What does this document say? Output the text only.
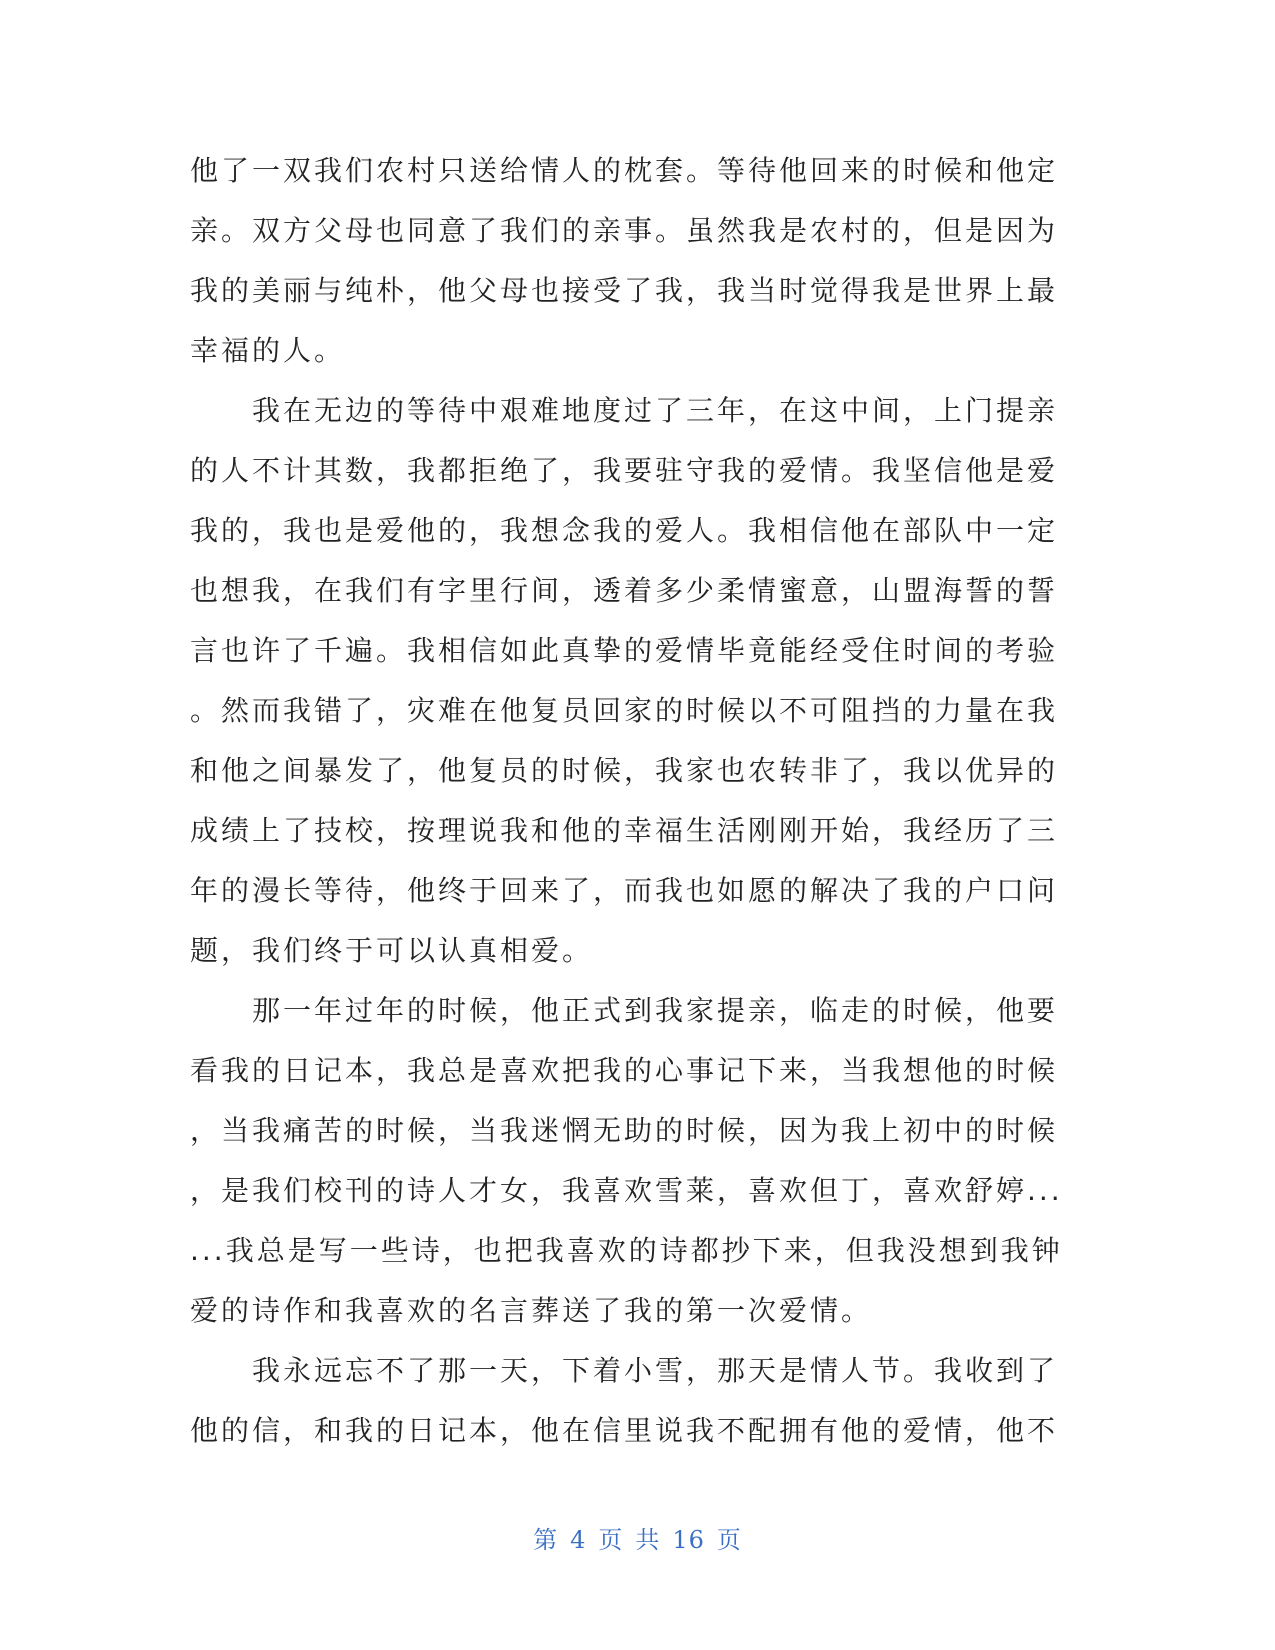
他了一双我们农村只送给情人的枕套。等待他回来的时候和他定
亲。双方父母也同意了我们的亲事。虽然我是农村的，但是因为
我的美丽与纯朴，他父母也接受了我，我当时觉得我是世界上最
幸福的人。
　　我在无边的等待中艰难地度过了三年，在这中间，上门提亲
的人不计其数，我都拒绝了，我要驻守我的爱情。我坚信他是爱
我的，我也是爱他的，我想念我的爱人。我相信他在部队中一定
也想我，在我们有字里行间，透着多少柔情蜜意，山盟海誓的誓
言也许了千遍。我相信如此真挚的爱情毕竟能经受住时间的考验
。然而我错了，灾难在他复员回家的时候以不可阻挡的力量在我
和他之间暴发了，他复员的时候，我家也农转非了，我以优异的
成绩上了技校，按理说我和他的幸福生活刚刚开始，我经历了三
年的漫长等待，他终于回来了，而我也如愿的解决了我的户口问
题，我们终于可以认真相爱。
　　那一年过年的时候，他正式到我家提亲，临走的时候，他要
看我的日记本，我总是喜欢把我的心事记下来，当我想他的时候
，当我痛苦的时候，当我迷惘无助的时候，因为我上初中的时候
，是我们校刊的诗人才女，我喜欢雪莱，喜欢但丁，喜欢舒婷...
...我总是写一些诗，也把我喜欢的诗都抄下来，但我没想到我钟
爱的诗作和我喜欢的名言葬送了我的第一次爱情。
　　我永远忘不了那一天，下着小雪，那天是情人节。我收到了
他的信，和我的日记本，他在信里说我不配拥有他的爱情，他不
第 4 页 共 16 页
